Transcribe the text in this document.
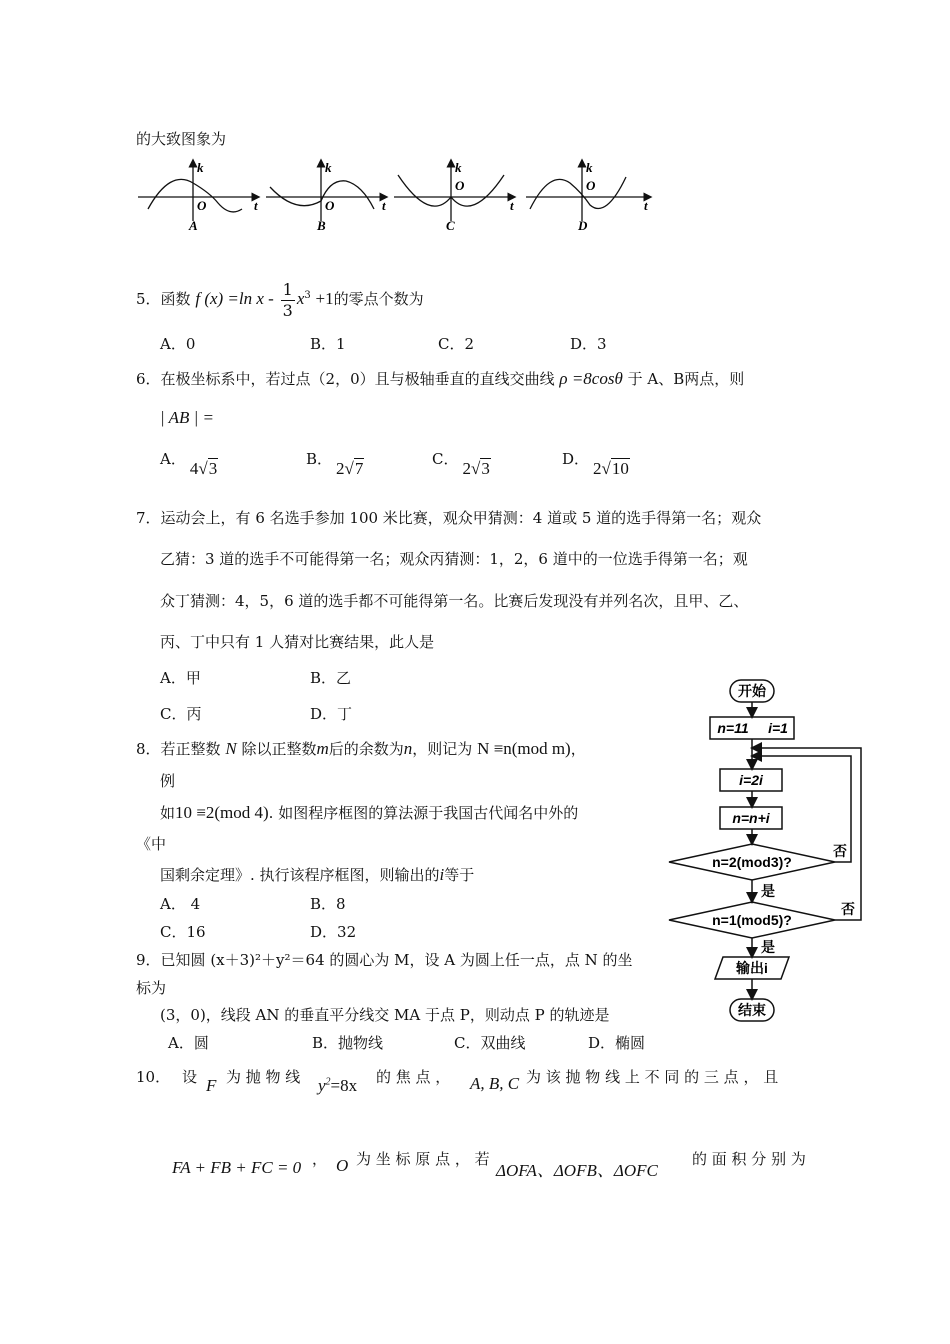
的大致图象为
k
O	t
A
k
O	t
B
k
O
t
C
k
O
t
D
5．函数 f (x) =ln $x - \frac{1}{3} x^3 +1$的零点个数为
A．0	B．1	C．2	D．3
6．在极坐标系中，若过点（2，0）且与极轴垂直的直线交曲线 ρ =8cosθ 于 A、B两点，则
| AB | =
A． 4√3	B． 2√7	C． 2√3	D． 2√10
7．运动会上，有 6 名选手参加 100 米比赛，观众甲猜测：4 道或 5 道的选手得第一名；观众
乙猜：3 道的选手不可能得第一名；观众丙猜测：1，2，6 道中的一位选手得第一名；观
众丁猜测：4，5，6 道的选手都不可能得第一名。比赛后发现没有并列名次，且甲、乙、
丙、丁中只有 1 人猜对比赛结果，此人是
A．甲	B．乙
C．丙	D．丁
8．若正整数 N 除以正整数m后的余数为n，则记为 N ≡n(mod m)，
例
如10 ≡2(mod 4). 如图程序框图的算法源于我国古代闻名中外的
《中
国剩余定理》. 执行该程序框图，则输出的i等于
A． 4	B．8
C．16	D．32
开始
n=11 i=1
i=2i
n=n+i
n=2(mod3)?
n=1(mod5)?
是
是
否
否
输出i
结束
9．已知圆 (x＋3)²＋y²＝64 的圆心为 M，设 A 为圆上任一点，点 N 的坐
标为
(3，0)，线段 AN 的垂直平分线交 MA 于点 P，则动点 P 的轨迹是
A．圆	B．抛物线	C．双曲线	D．椭圆
10． 设 F 为 抛 物 线 $y^2=8x$ 的 焦 点 ， A, B, C 为 该 抛 物 线 上 不 同 的 三 点 ， 且
FA + FB + FC = 0 ， O 为 坐 标 原 点 ， 若
ΔOFA、ΔOFB、ΔOFC
的 面 积 分 别 为
